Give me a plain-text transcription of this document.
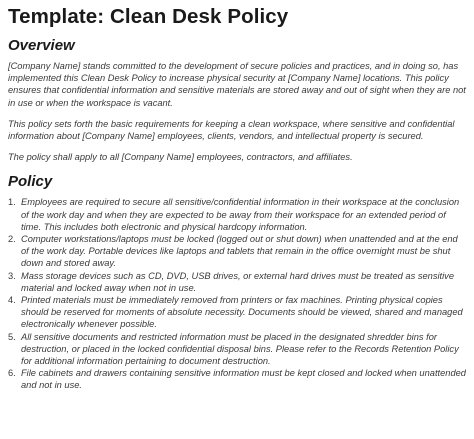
Template: Clean Desk Policy
Overview

[Company Name] stands committed to the development of secure policies and practices, and in doing so, has implemented this Clean Desk Policy to increase physical security at [Company Name] locations. This policy ensures that confidential information and sensitive materials are stored away and out of sight when they are not in use or when the workspace is vacant.

This policy sets forth the basic requirements for keeping a clean workspace, where sensitive and confidential information about [Company Name] employees, clients, vendors, and intellectual property is secured.

The policy shall apply to all [Company Name] employees, contractors, and affiliates.

Policy
1. Employees are required to secure all sensitive/confidential information in their workspace at the conclusion of the work day and when they are expected to be away from their workspace for an extended period of time. This includes both electronic and physical hardcopy information.
2. Computer workstations/laptops must be locked (logged out or shut down) when unattended and at the end of the work day. Portable devices like laptops and tablets that remain in the office overnight must be shut down and stored away.
3. Mass storage devices such as CD, DVD, USB drives, or external hard drives must be treated as sensitive material and locked away when not in use.
4. Printed materials must be immediately removed from printers or fax machines. Printing physical copies should be reserved for moments of absolute necessity. Documents should be viewed, shared and managed electronically whenever possible.
5. All sensitive documents and restricted information must be placed in the designated shredder bins for destruction, or placed in the locked confidential disposal bins. Please refer to the Records Retention Policy for additional information pertaining to document destruction.
6. File cabinets and drawers containing sensitive information must be kept closed and locked when unattended and not in use.
